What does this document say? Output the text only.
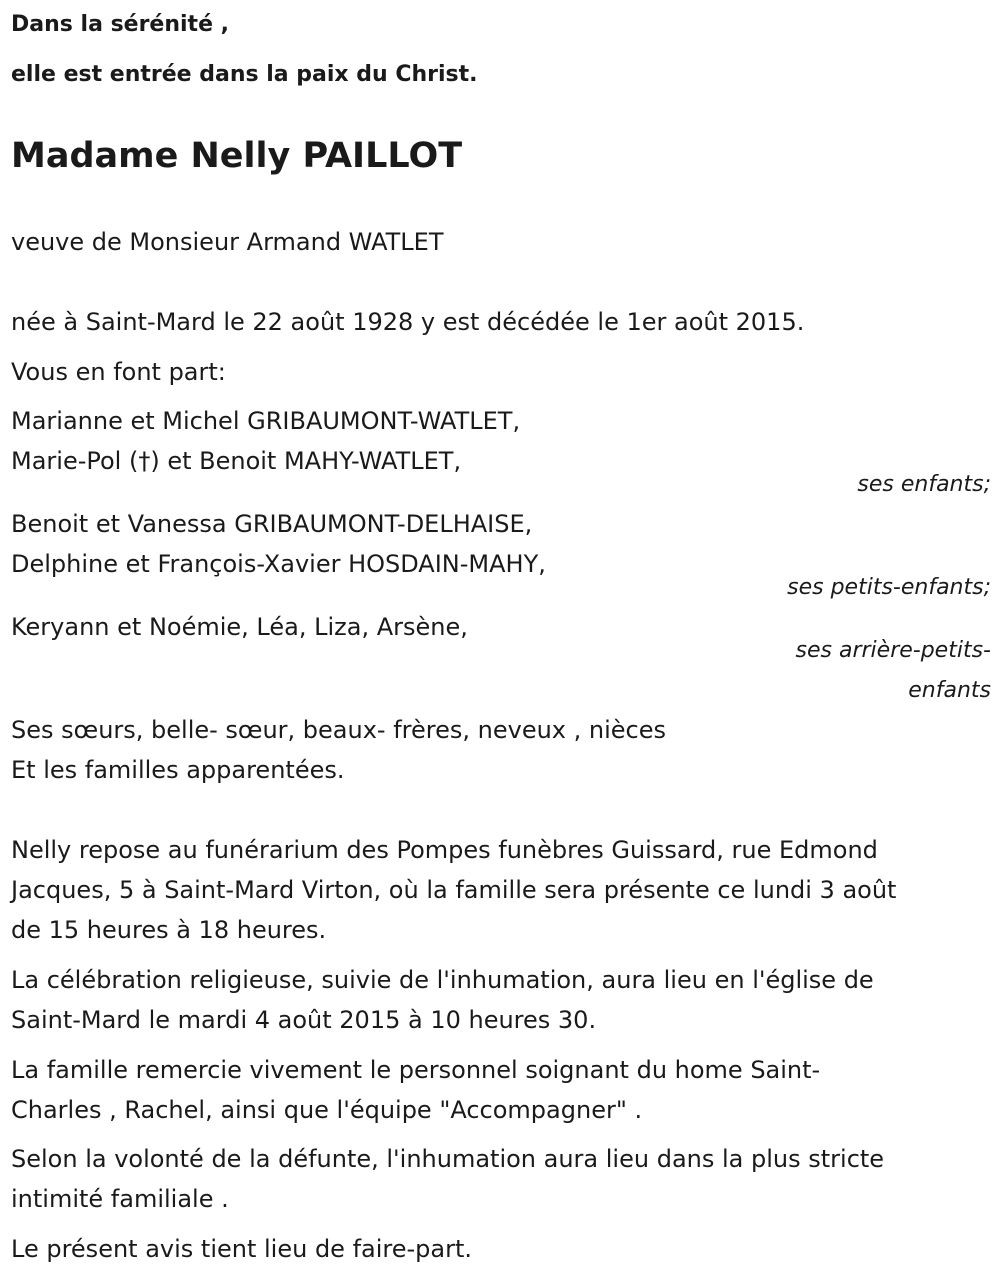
Dans la sérénité ,
elle est entrée dans la paix du Christ.
Madame Nelly PAILLOT
veuve de Monsieur Armand WATLET
née à Saint-Mard le 22 août 1928 y est décédée le 1er août 2015.
Vous en font part:
Marianne et Michel GRIBAUMONT-WATLET,
Marie-Pol (†) et Benoit MAHY-WATLET,
ses enfants;
Benoit et Vanessa GRIBAUMONT-DELHAISE,
Delphine et François-Xavier HOSDAIN-MAHY,
ses petits-enfants;
Keryann et Noémie, Léa, Liza, Arsène,
ses arrière-petits-
enfants
Ses sœurs, belle- sœur, beaux- frères, neveux , nièces
Et les familles apparentées.
Nelly repose au funérarium des Pompes funèbres Guissard, rue Edmond
Jacques, 5 à Saint-Mard Virton, où la famille sera présente ce lundi 3 août
de 15 heures à 18 heures.
La célébration religieuse, suivie de l'inhumation, aura lieu en l'église de
Saint-Mard le mardi 4 août 2015 à 10 heures 30.
La famille remercie vivement le personnel soignant du home Saint-
Charles , Rachel, ainsi que l'équipe "Accompagner" .
Selon la volonté de la défunte, l'inhumation aura lieu dans la plus stricte
intimité familiale .
Le présent avis tient lieu de faire-part.
